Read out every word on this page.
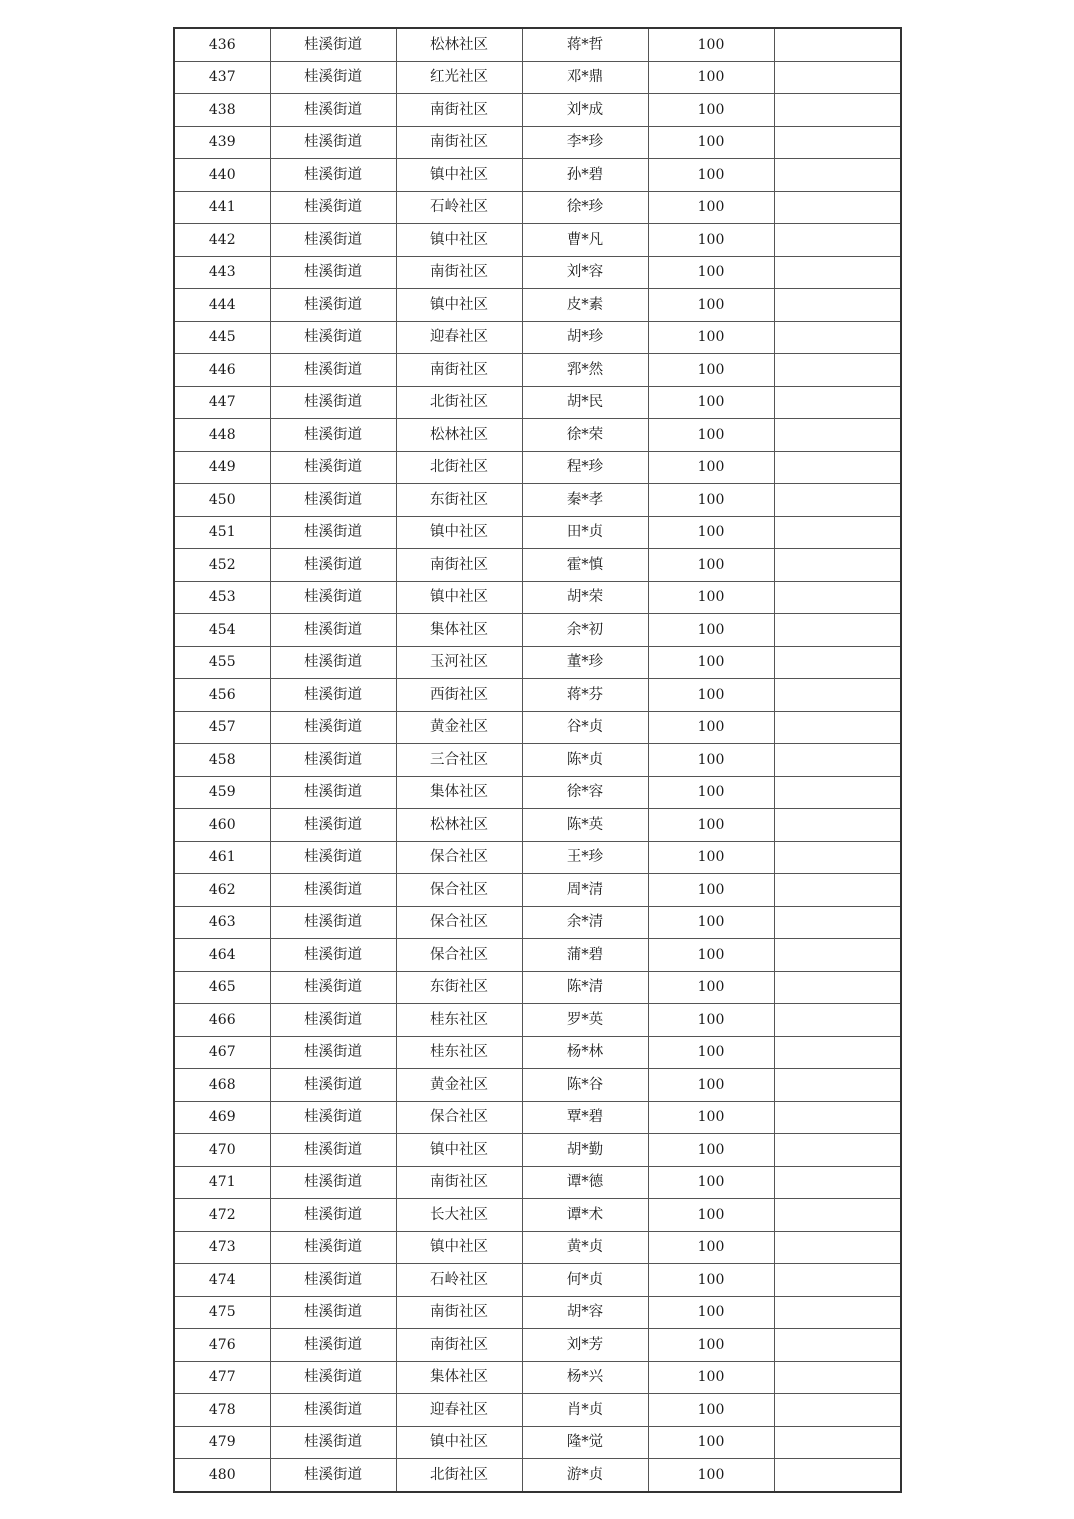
436	桂溪街道	松林社区	蒋*哲	100	
437	桂溪街道	红光社区	邓*鼎	100	
438	桂溪街道	南街社区	刘*成	100	
439	桂溪街道	南街社区	李*珍	100	
440	桂溪街道	镇中社区	孙*碧	100	
441	桂溪街道	石岭社区	徐*珍	100	
442	桂溪街道	镇中社区	曹*凡	100	
443	桂溪街道	南街社区	刘*容	100	
444	桂溪街道	镇中社区	皮*素	100	
445	桂溪街道	迎春社区	胡*珍	100	
446	桂溪街道	南街社区	郛*然	100	
447	桂溪街道	北街社区	胡*民	100	
448	桂溪街道	松林社区	徐*荣	100	
449	桂溪街道	北街社区	程*珍	100	
450	桂溪街道	东街社区	秦*孝	100	
451	桂溪街道	镇中社区	田*贞	100	
452	桂溪街道	南街社区	霍*慎	100	
453	桂溪街道	镇中社区	胡*荣	100	
454	桂溪街道	集体社区	余*初	100	
455	桂溪街道	玉河社区	董*珍	100	
456	桂溪街道	西街社区	蒋*芬	100	
457	桂溪街道	黄金社区	谷*贞	100	
458	桂溪街道	三合社区	陈*贞	100	
459	桂溪街道	集体社区	徐*容	100	
460	桂溪街道	松林社区	陈*英	100	
461	桂溪街道	保合社区	王*珍	100	
462	桂溪街道	保合社区	周*清	100	
463	桂溪街道	保合社区	余*清	100	
464	桂溪街道	保合社区	蒲*碧	100	
465	桂溪街道	东街社区	陈*清	100	
466	桂溪街道	桂东社区	罗*英	100	
467	桂溪街道	桂东社区	杨*林	100	
468	桂溪街道	黄金社区	陈*谷	100	
469	桂溪街道	保合社区	覃*碧	100	
470	桂溪街道	镇中社区	胡*勤	100	
471	桂溪街道	南街社区	谭*德	100	
472	桂溪街道	长大社区	谭*术	100	
473	桂溪街道	镇中社区	黄*贞	100	
474	桂溪街道	石岭社区	何*贞	100	
475	桂溪街道	南街社区	胡*容	100	
476	桂溪街道	南街社区	刘*芳	100	
477	桂溪街道	集体社区	杨*兴	100	
478	桂溪街道	迎春社区	肖*贞	100	
479	桂溪街道	镇中社区	隆*觉	100	
480	桂溪街道	北街社区	游*贞	100	
